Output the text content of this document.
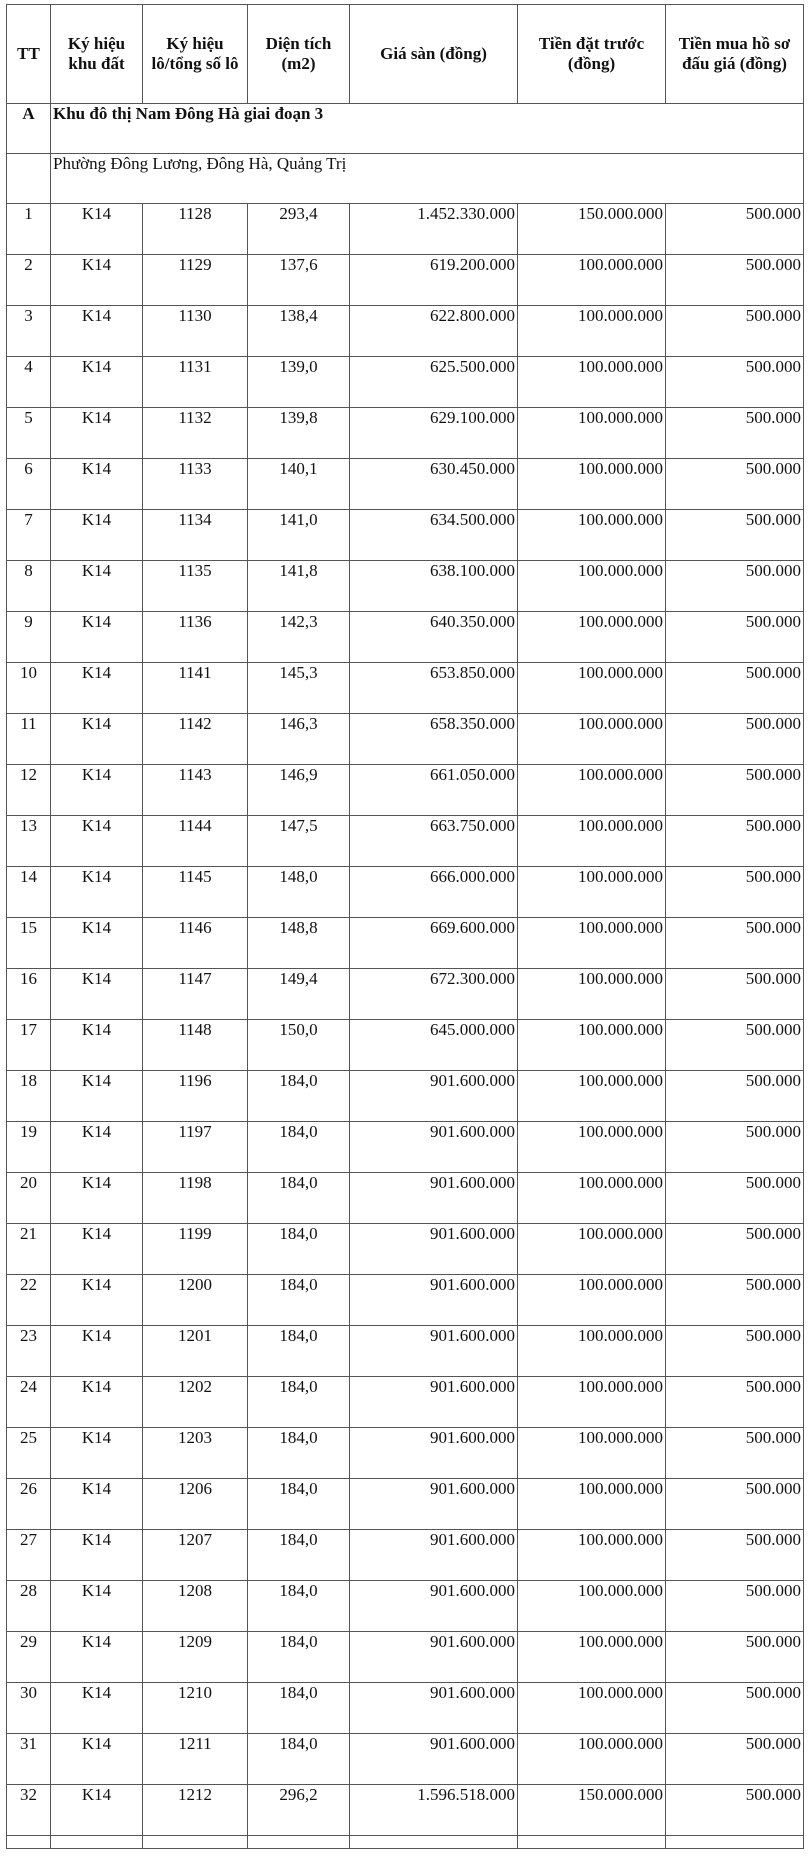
TT	Ký hiệu khu đất	Ký hiệu lô/tổng số lô	Diện tích (m2)	Giá sàn (đồng)	Tiền đặt trước (đồng)	Tiền mua hồ sơ đấu giá (đồng)
A	Khu đô thị Nam Đông Hà giai đoạn 3					
	Phường Đông Lương, Đông Hà, Quảng Trị					
1	K14	1128	293,4	1.452.330.000	150.000.000	500.000
2	K14	1129	137,6	619.200.000	100.000.000	500.000
3	K14	1130	138,4	622.800.000	100.000.000	500.000
4	K14	1131	139,0	625.500.000	100.000.000	500.000
5	K14	1132	139,8	629.100.000	100.000.000	500.000
6	K14	1133	140,1	630.450.000	100.000.000	500.000
7	K14	1134	141,0	634.500.000	100.000.000	500.000
8	K14	1135	141,8	638.100.000	100.000.000	500.000
9	K14	1136	142,3	640.350.000	100.000.000	500.000
10	K14	1141	145,3	653.850.000	100.000.000	500.000
11	K14	1142	146,3	658.350.000	100.000.000	500.000
12	K14	1143	146,9	661.050.000	100.000.000	500.000
13	K14	1144	147,5	663.750.000	100.000.000	500.000
14	K14	1145	148,0	666.000.000	100.000.000	500.000
15	K14	1146	148,8	669.600.000	100.000.000	500.000
16	K14	1147	149,4	672.300.000	100.000.000	500.000
17	K14	1148	150,0	645.000.000	100.000.000	500.000
18	K14	1196	184,0	901.600.000	100.000.000	500.000
19	K14	1197	184,0	901.600.000	100.000.000	500.000
20	K14	1198	184,0	901.600.000	100.000.000	500.000
21	K14	1199	184,0	901.600.000	100.000.000	500.000
22	K14	1200	184,0	901.600.000	100.000.000	500.000
23	K14	1201	184,0	901.600.000	100.000.000	500.000
24	K14	1202	184,0	901.600.000	100.000.000	500.000
25	K14	1203	184,0	901.600.000	100.000.000	500.000
26	K14	1206	184,0	901.600.000	100.000.000	500.000
27	K14	1207	184,0	901.600.000	100.000.000	500.000
28	K14	1208	184,0	901.600.000	100.000.000	500.000
29	K14	1209	184,0	901.600.000	100.000.000	500.000
30	K14	1210	184,0	901.600.000	100.000.000	500.000
31	K14	1211	184,0	901.600.000	100.000.000	500.000
32	K14	1212	296,2	1.596.518.000	150.000.000	500.000
